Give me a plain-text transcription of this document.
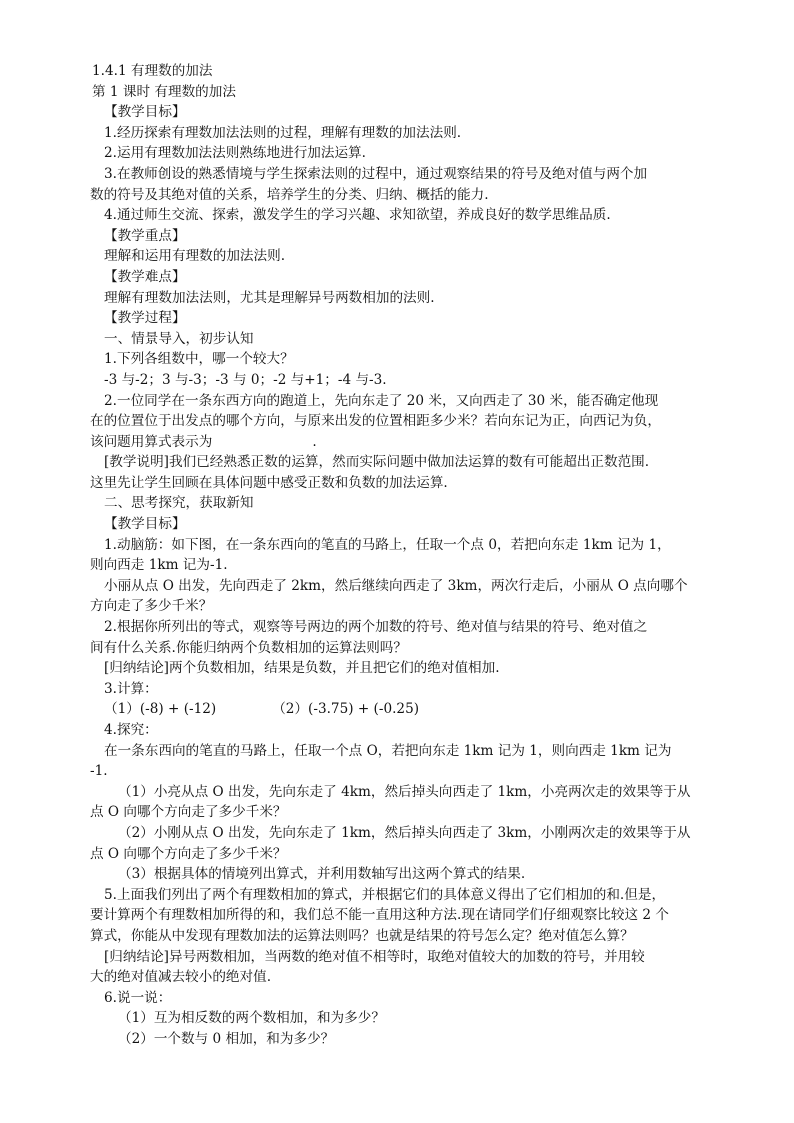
1.4.1 有理数的加法
第 1 课时 有理数的加法
【教学目标】
1.经历探索有理数加法法则的过程，理解有理数的加法法则.
2.运用有理数加法法则熟练地进行加法运算.
3.在教师创设的熟悉情境与学生探索法则的过程中，通过观察结果的符号及绝对值与两个加
数的符号及其绝对值的关系，培养学生的分类、归纳、概括的能力.
4.通过师生交流、探索，激发学生的学习兴趣、求知欲望，养成良好的数学思维品质.
【教学重点】
理解和运用有理数的加法法则.
【教学难点】
理解有理数加法法则，尤其是理解异号两数相加的法则.
【教学过程】
一、情景导入，初步认知
1.下列各组数中，哪一个较大？
-3 与-2；3 与-3；-3 与 0；-2 与+1；-4 与-3.
2.一位同学在一条东西方向的跑道上，先向东走了 20 米，又向西走了 30 米，能否确定他现
在的位置位于出发点的哪个方向，与原来出发的位置相距多少米？若向东记为正，向西记为负，
该问题用算式表示为	.
[教学说明]我们已经熟悉正数的运算，然而实际问题中做加法运算的数有可能超出正数范围.
这里先让学生回顾在具体问题中感受正数和负数的加法运算.
二、思考探究，获取新知
【教学目标】
1.动脑筋：如下图，在一条东西向的笔直的马路上，任取一个点 0，若把向东走 1km 记为 1，
则向西走 1km 记为-1.
小丽从点 O 出发，先向西走了 2km，然后继续向西走了 3km，两次行走后，小丽从 O 点向哪个
方向走了多少千米？
2.根据你所列出的等式，观察等号两边的两个加数的符号、绝对值与结果的符号、绝对值之
间有什么关系.你能归纳两个负数相加的运算法则吗？
[归纳结论]两个负数相加，结果是负数，并且把它们的绝对值相加.
3.计算：
（1）(-8) + (-12)	（2）(-3.75) + (-0.25)
4.探究：
在一条东西向的笔直的马路上，任取一个点 O，若把向东走 1km 记为 1，则向西走 1km 记为
-1.
（1）小亮从点 O 出发，先向东走了 4km，然后掉头向西走了 1km，小亮两次走的效果等于从
点 O 向哪个方向走了多少千米？
（2）小刚从点 O 出发，先向东走了 1km，然后掉头向西走了 3km，小刚两次走的效果等于从
点 O 向哪个方向走了多少千米？
（3）根据具体的情境列出算式，并利用数轴写出这两个算式的结果.
5.上面我们列出了两个有理数相加的算式，并根据它们的具体意义得出了它们相加的和.但是，
要计算两个有理数相加所得的和，我们总不能一直用这种方法.现在请同学们仔细观察比较这 2 个
算式，你能从中发现有理数加法的运算法则吗？也就是结果的符号怎么定？绝对值怎么算？
[归纳结论]异号两数相加，当两数的绝对值不相等时，取绝对值较大的加数的符号，并用较
大的绝对值减去较小的绝对值.
6.说一说：
（1）互为相反数的两个数相加，和为多少？
（2）一个数与 0 相加，和为多少？
